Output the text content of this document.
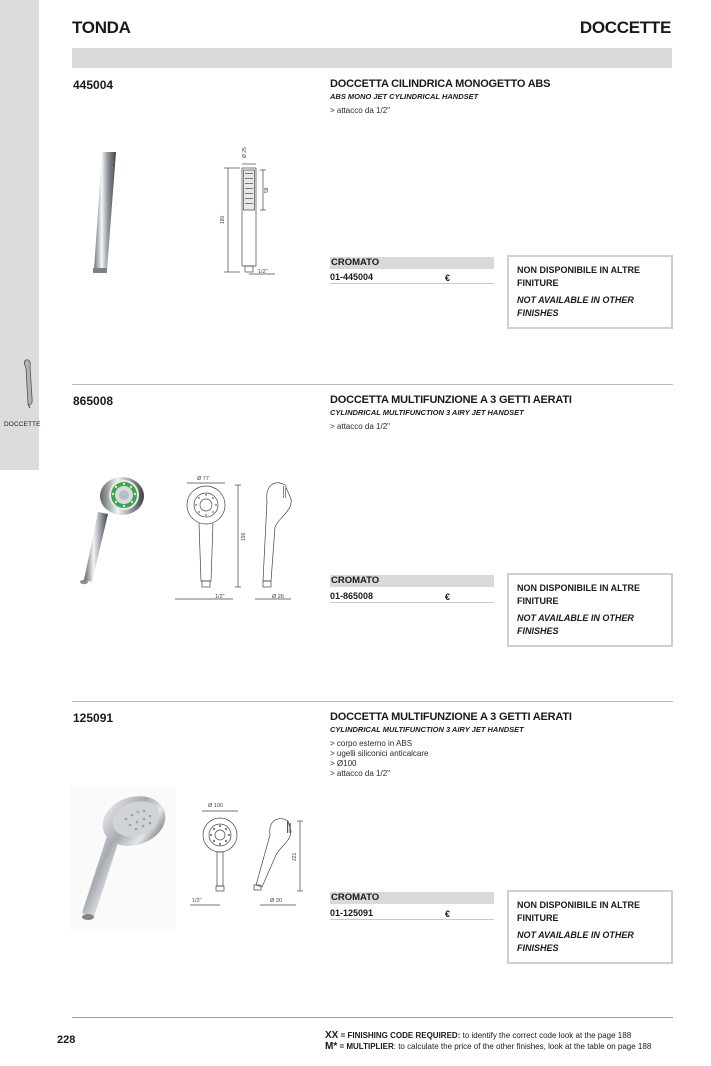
DOCCETTE
TONDA	DOCCETTE
445004	DOCCETTA CILINDRICA MONOGETTO ABS
ABS MONO JET CYLINDRICAL HANDSET
> attacco da 1/2"
Ø 25
58
180
1/2"
CROMATO
01-445004	€

NON DISPONIBILE IN ALTRE FINITURE

NOT AVAILABLE IN OTHER FINISHES

865008	DOCCETTA MULTIFUNZIONE A 3 GETTI AERATI
CYLINDRICAL MULTIFUNCTION 3 AIRY JET HANDSET
> attacco da 1/2"
Ø 77
196
1/2"	Ø 26
CROMATO
01-865008	€

NON DISPONIBILE IN ALTRE FINITURE

NOT AVAILABLE IN OTHER FINISHES

125091	DOCCETTA MULTIFUNZIONE A 3 GETTI AERATI
CYLINDRICAL MULTIFUNCTION 3 AIRY JET HANDSET
> corpo esterno in ABS
> ugelli siliconici anticalcare
> Ø100
> attacco da 1/2"
Ø 100
221
1/2"	Ø 30	CROMATO
01-125091	€

NON DISPONIBILE IN ALTRE FINITURE

NOT AVAILABLE IN OTHER FINISHES

228	XX = FINISHING CODE REQUIRED: to identify the correct code look at the page 188
M* = MULTIPLIER: to calculate the price of the other finishes, look at the table on page 188
